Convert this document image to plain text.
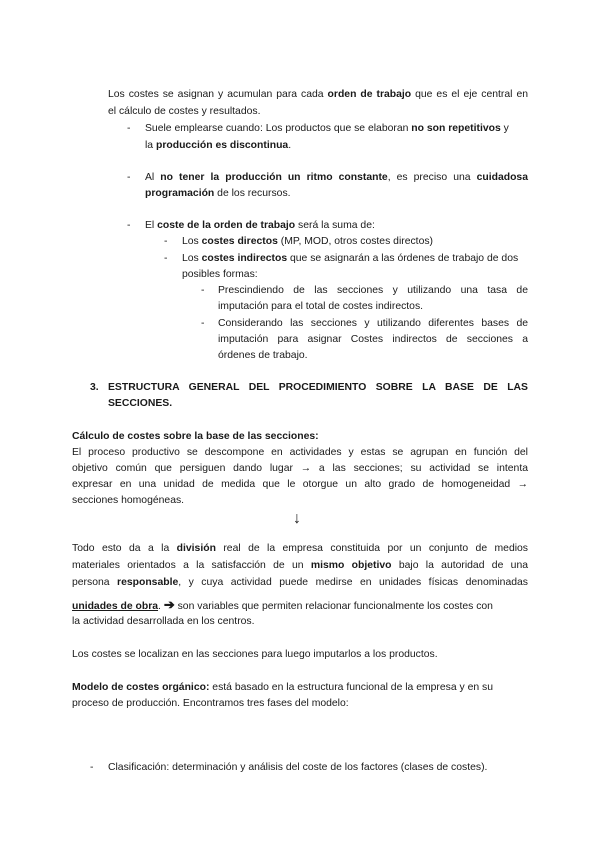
Los costes se asignan y acumulan para cada orden de trabajo que es el eje central en
el cálculo de costes y resultados.
- Suele emplearse cuando: Los productos que se elaboran no son repetitivos y
la producción es discontinua.
- Al no tener la producción un ritmo constante, es preciso una cuidadosa
programación de los recursos.
- El coste de la orden de trabajo será la suma de:
- Los costes directos (MP, MOD, otros costes directos)
- Los costes indirectos que se asignarán a las órdenes de trabajo de dos
posibles formas:
- Prescindiendo de las secciones y utilizando una tasa de
imputación para el total de costes indirectos.
- Considerando las secciones y utilizando diferentes bases de
imputación para asignar Costes indirectos de secciones a
órdenes de trabajo.
3. ESTRUCTURA GENERAL DEL PROCEDIMIENTO SOBRE LA BASE DE LAS
SECCIONES.
Cálculo de costes sobre la base de las secciones:
El proceso productivo se descompone en actividades y estas se agrupan en función del
objetivo común que persiguen dando lugar → a las secciones; su actividad se intenta
expresar en una unidad de medida que le otorgue un alto grado de homogeneidad →
secciones homogéneas.
↓
Todo esto da a la división real de la empresa constituida por un conjunto de medios
materiales orientados a la satisfacción de un mismo objetivo bajo la autoridad de una
persona responsable, y cuya actividad puede medirse en unidades físicas denominadas
unidades de obra. ➔ son variables que permiten relacionar funcionalmente los costes con
la actividad desarrollada en los centros.
Los costes se localizan en las secciones para luego imputarlos a los productos.
Modelo de costes orgánico: está basado en la estructura funcional de la empresa y en su
proceso de producción. Encontramos tres fases del modelo:
- Clasificación: determinación y análisis del coste de los factores (clases de costes).
